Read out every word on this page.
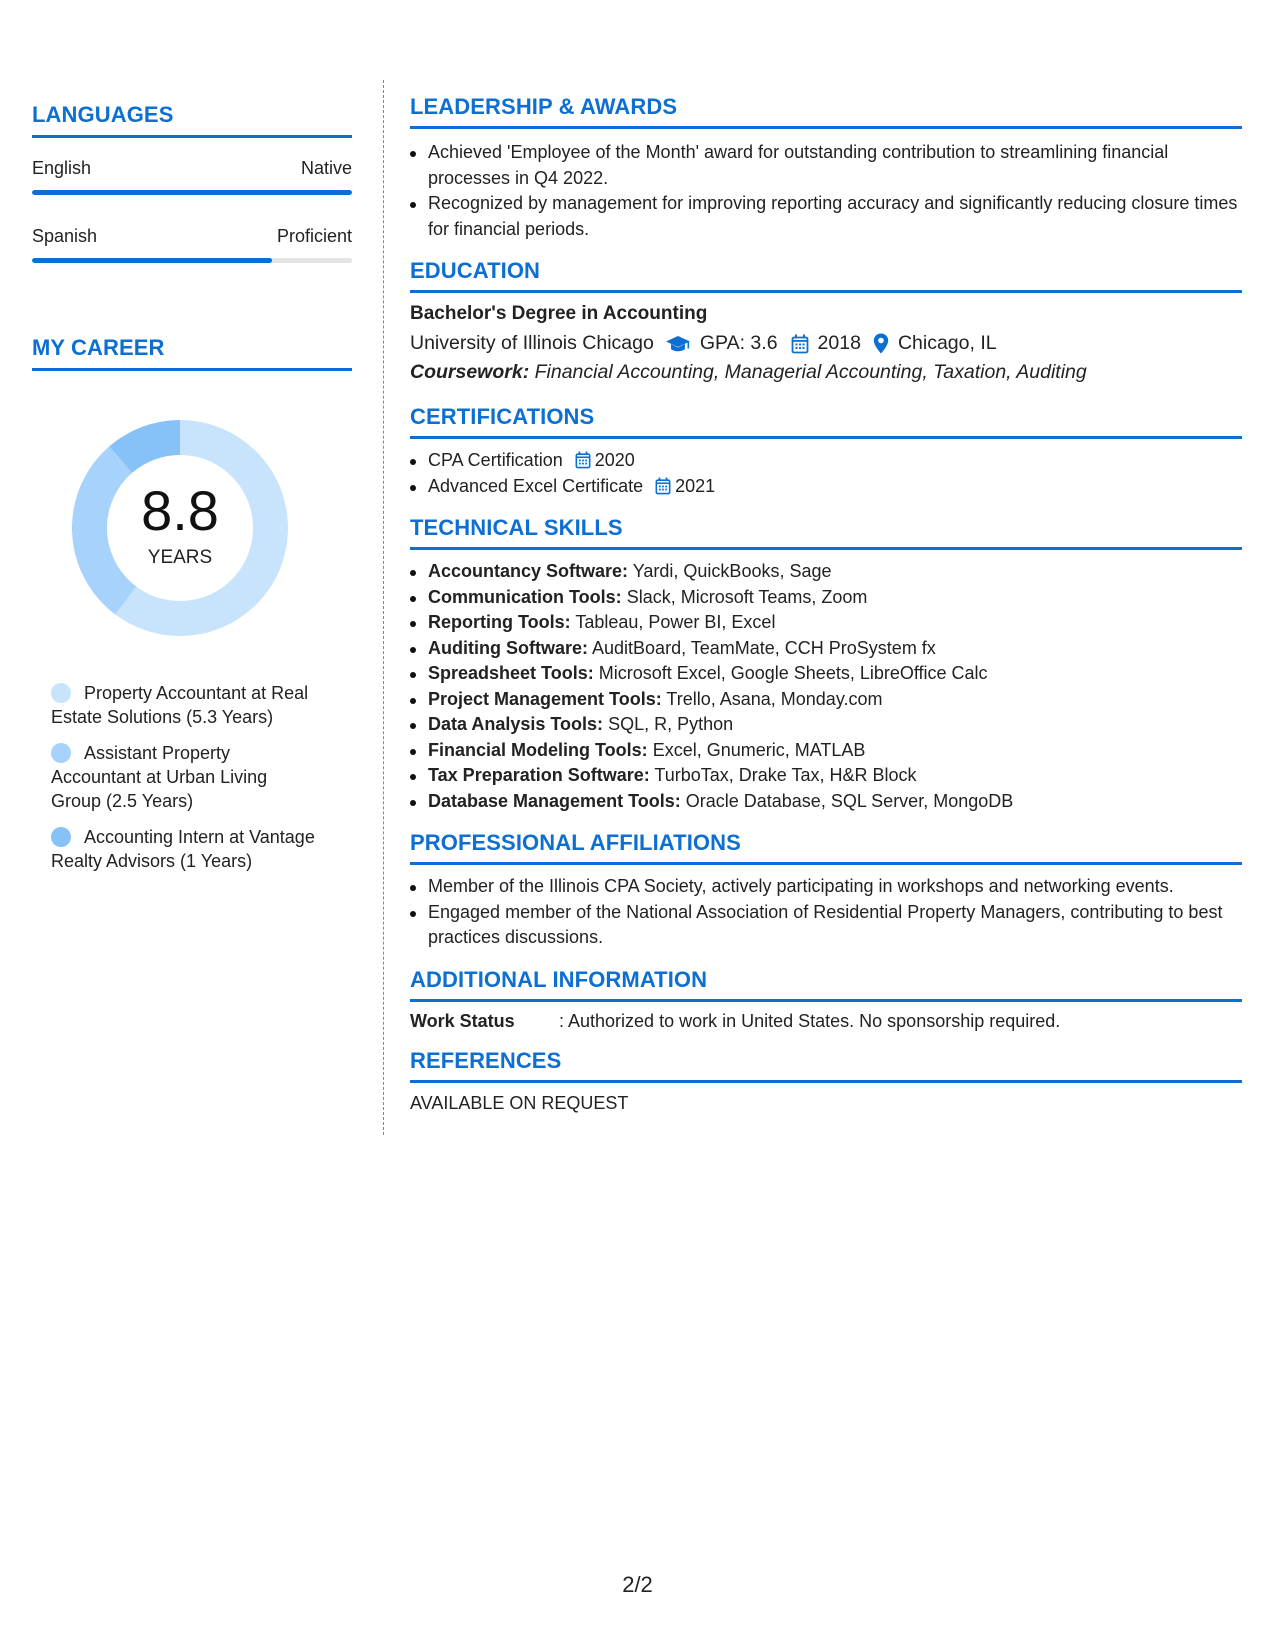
LANGUAGES
English	Native
Spanish	Proficient
MY CAREER
8.8
YEARS
Property Accountant at Real Estate Solutions (5.3 Years)
Assistant Property Accountant at Urban Living Group (2.5 Years)
Accounting Intern at Vantage Realty Advisors (1 Years)
LEADERSHIP & AWARDS
Achieved 'Employee of the Month' award for outstanding contribution to streamlining financial processes in Q4 2022.
Recognized by management for improving reporting accuracy and significantly reducing closure times for financial periods.
EDUCATION
Bachelor's Degree in Accounting
University of Illinois Chicago GPA: 3.6 2018 Chicago, IL
Coursework: Financial Accounting, Managerial Accounting, Taxation, Auditing
CERTIFICATIONS
CPA Certification 2020
Advanced Excel Certificate 2021
TECHNICAL SKILLS
Accountancy Software: Yardi, QuickBooks, Sage
Communication Tools: Slack, Microsoft Teams, Zoom
Reporting Tools: Tableau, Power BI, Excel
Auditing Software: AuditBoard, TeamMate, CCH ProSystem fx
Spreadsheet Tools: Microsoft Excel, Google Sheets, LibreOffice Calc
Project Management Tools: Trello, Asana, Monday.com
Data Analysis Tools: SQL, R, Python
Financial Modeling Tools: Excel, Gnumeric, MATLAB
Tax Preparation Software: TurboTax, Drake Tax, H&R Block
Database Management Tools: Oracle Database, SQL Server, MongoDB
PROFESSIONAL AFFILIATIONS
Member of the Illinois CPA Society, actively participating in workshops and networking events.
Engaged member of the National Association of Residential Property Managers, contributing to best practices discussions.
ADDITIONAL INFORMATION
Work Status	: Authorized to work in United States. No sponsorship required.
REFERENCES
AVAILABLE ON REQUEST
2/2
